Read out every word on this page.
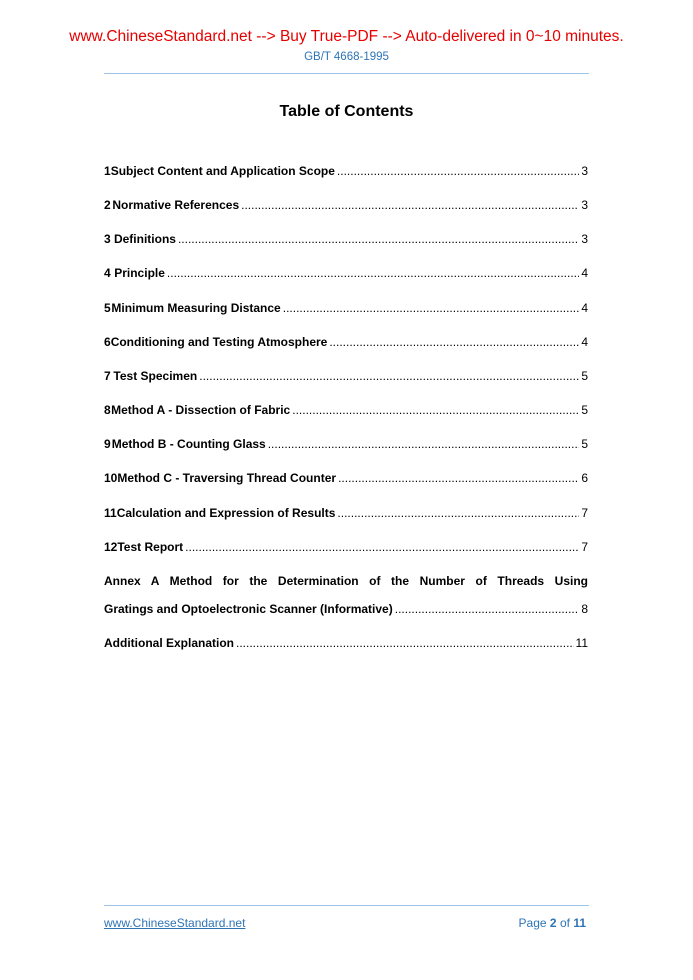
www.ChineseStandard.net --> Buy True-PDF --> Auto-delivered in 0~10 minutes.
GB/T 4668-1995
Table of Contents
1 Subject Content and Application Scope .....	3
2 Normative References .....	3
3 Definitions .....	3
4 Principle .....	4
5 Minimum Measuring Distance .....	4
6 Conditioning and Testing Atmosphere .....	4
7 Test Specimen .....	5
8 Method A - Dissection of Fabric .....	5
9 Method B - Counting Glass .....	5
10 Method C - Traversing Thread Counter .....	6
11 Calculation and Expression of Results .....	7
12 Test Report .....	7
Annex A Method for the Determination of the Number of Threads Using
Gratings and Optoelectronic Scanner (Informative) .....	8
Additional Explanation .....	11
www.ChineseStandard.net	Page 2 of 11
